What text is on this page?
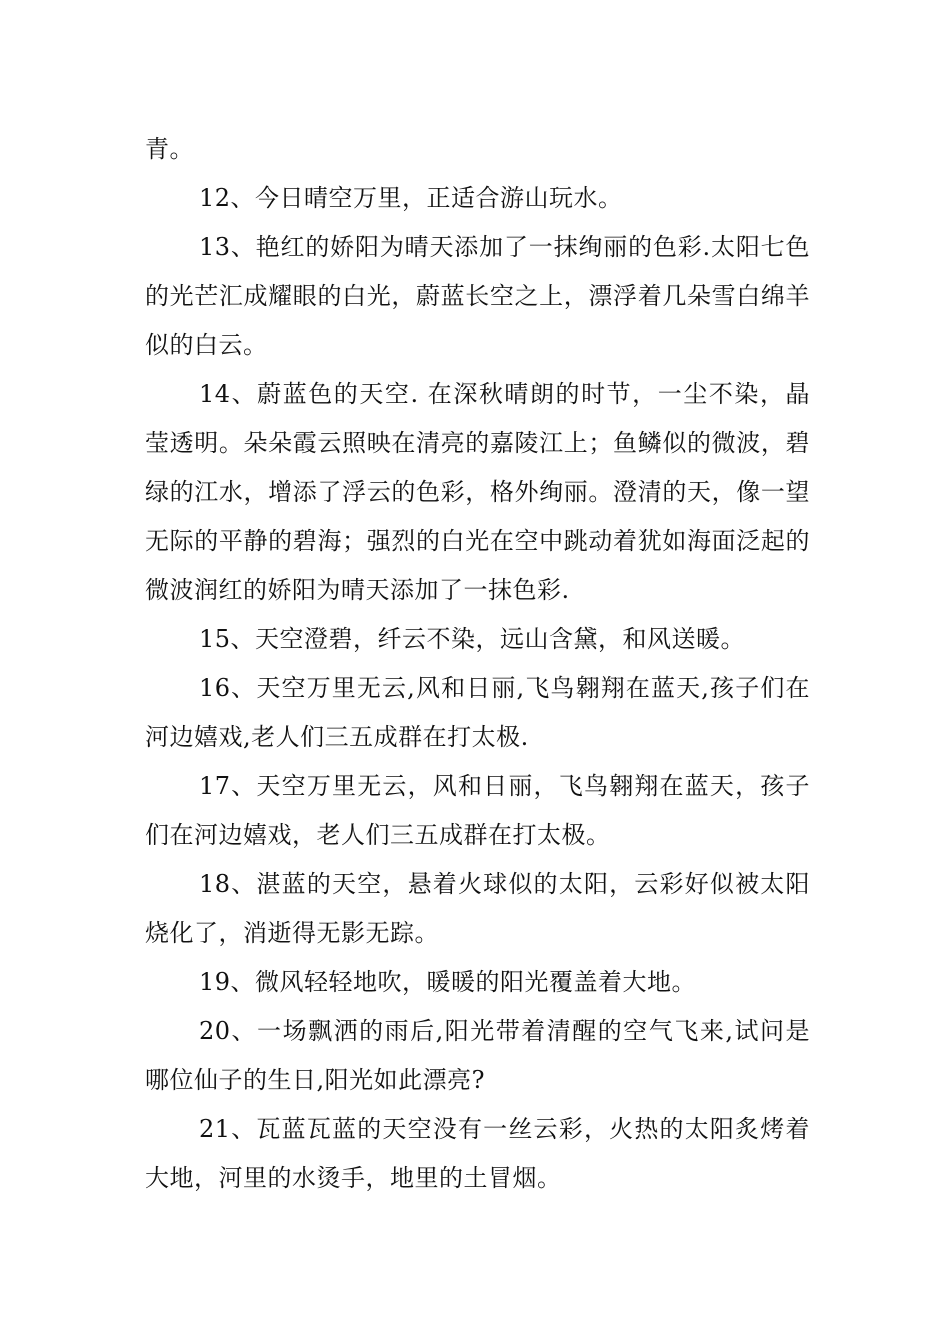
青。

12、今日晴空万里，正适合游山玩水。

13、艳红的娇阳为晴天添加了一抹绚丽的色彩.太阳七色的光芒汇成耀眼的白光，蔚蓝长空之上，漂浮着几朵雪白绵羊似的白云。

14、蔚蓝色的天空. 在深秋晴朗的时节，一尘不染，晶莹透明。朵朵霞云照映在清亮的嘉陵江上；鱼鳞似的微波，碧绿的江水，增添了浮云的色彩，格外绚丽。澄清的天，像一望无际的平静的碧海；强烈的白光在空中跳动着犹如海面泛起的微波润红的娇阳为晴天添加了一抹色彩.

15、天空澄碧，纤云不染，远山含黛，和风送暖。

16、天空万里无云,风和日丽,飞鸟翱翔在蓝天,孩子们在河边嬉戏,老人们三五成群在打太极.

17、天空万里无云，风和日丽，飞鸟翱翔在蓝天，孩子们在河边嬉戏，老人们三五成群在打太极。

18、湛蓝的天空，悬着火球似的太阳，云彩好似被太阳烧化了，消逝得无影无踪。

19、微风轻轻地吹，暖暖的阳光覆盖着大地。

20、一场飘洒的雨后,阳光带着清醒的空气飞来,试问是哪位仙子的生日,阳光如此漂亮?

21、瓦蓝瓦蓝的天空没有一丝云彩，火热的太阳炙烤着大地，河里的水烫手，地里的土冒烟。
